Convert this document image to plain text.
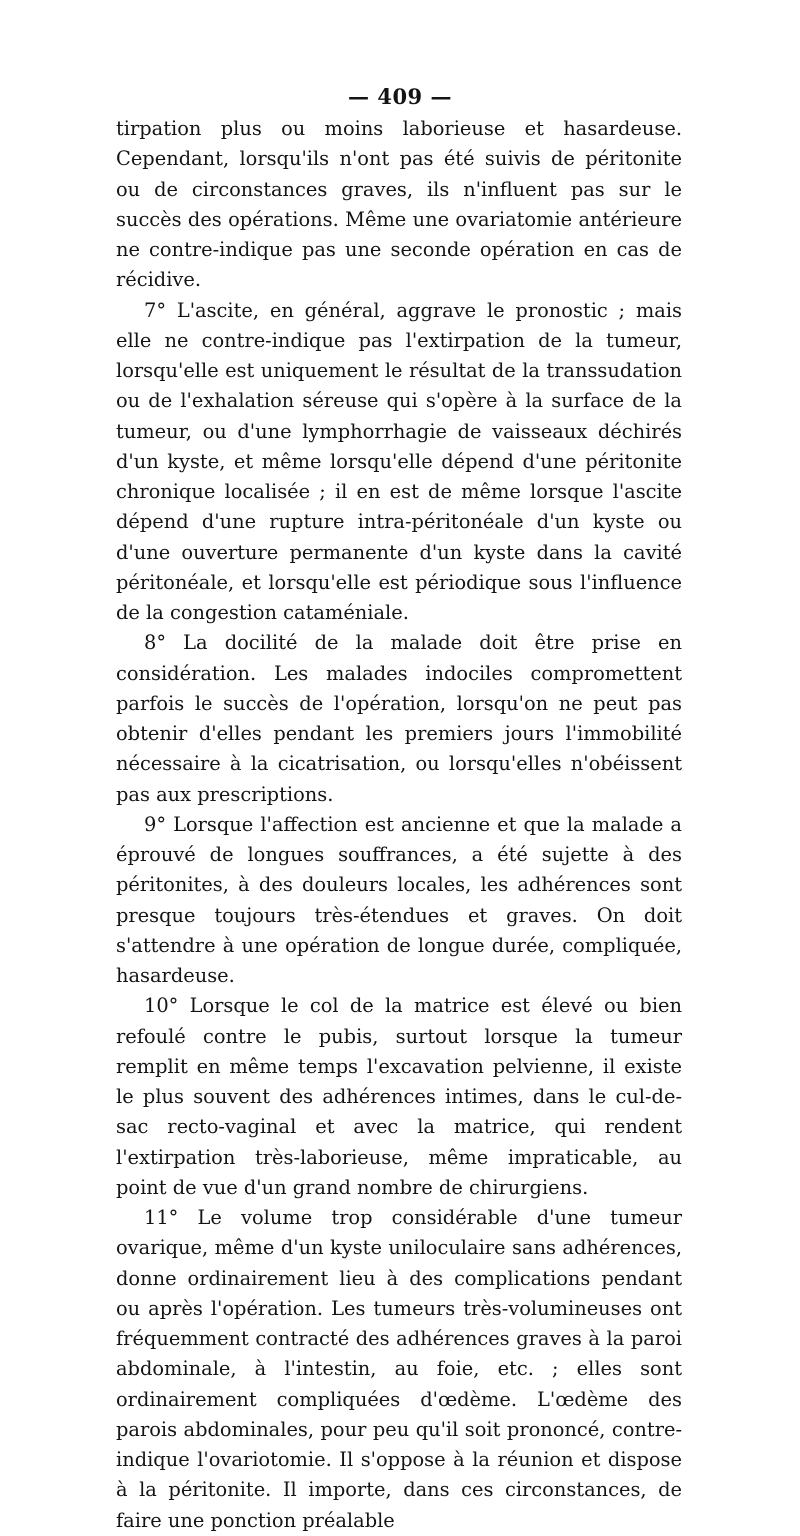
— 409 —

tirpation plus ou moins laborieuse et hasardeuse. Cependant, lorsqu'ils n'ont pas été suivis de péritonite ou de circonstances graves, ils n'influent pas sur le succès des opérations. Même une ovariatomie antérieure ne contre-indique pas une seconde opération en cas de récidive.

7° L'ascite, en général, aggrave le pronostic ; mais elle ne contre-indique pas l'extirpation de la tumeur, lorsqu'elle est uniquement le résultat de la transsudation ou de l'exhalation séreuse qui s'opère à la surface de la tumeur, ou d'une lymphorrhagie de vaisseaux déchirés d'un kyste, et même lorsqu'elle dépend d'une péritonite chronique localisée ; il en est de même lorsque l'ascite dépend d'une rupture intra-péritonéale d'un kyste ou d'une ouverture permanente d'un kyste dans la cavité péritonéale, et lorsqu'elle est périodique sous l'influence de la congestion cataméniale.

8° La docilité de la malade doit être prise en considération. Les malades indociles compromettent parfois le succès de l'opération, lorsqu'on ne peut pas obtenir d'elles pendant les premiers jours l'immobilité nécessaire à la cicatrisation, ou lorsqu'elles n'obéissent pas aux prescriptions.

9° Lorsque l'affection est ancienne et que la malade a éprouvé de longues souffrances, a été sujette à des péritonites, à des douleurs locales, les adhérences sont presque toujours très-étendues et graves. On doit s'attendre à une opération de longue durée, compliquée, hasardeuse.

10° Lorsque le col de la matrice est élevé ou bien refoulé contre le pubis, surtout lorsque la tumeur remplit en même temps l'excavation pelvienne, il existe le plus souvent des adhérences intimes, dans le cul-de-sac recto-vaginal et avec la matrice, qui rendent l'extirpation très-laborieuse, même impraticable, au point de vue d'un grand nombre de chirurgiens.

11° Le volume trop considérable d'une tumeur ovarique, même d'un kyste uniloculaire sans adhérences, donne ordinairement lieu à des complications pendant ou après l'opération. Les tumeurs très-volumineuses ont fréquemment contracté des adhérences graves à la paroi abdominale, à l'intestin, au foie, etc. ; elles sont ordinairement compliquées d'œdème. L'œdème des parois abdominales, pour peu qu'il soit prononcé, contre-indique l'ovariotomie. Il s'oppose à la réunion et dispose à la péritonite. Il importe, dans ces circonstances, de faire une ponction préalable
